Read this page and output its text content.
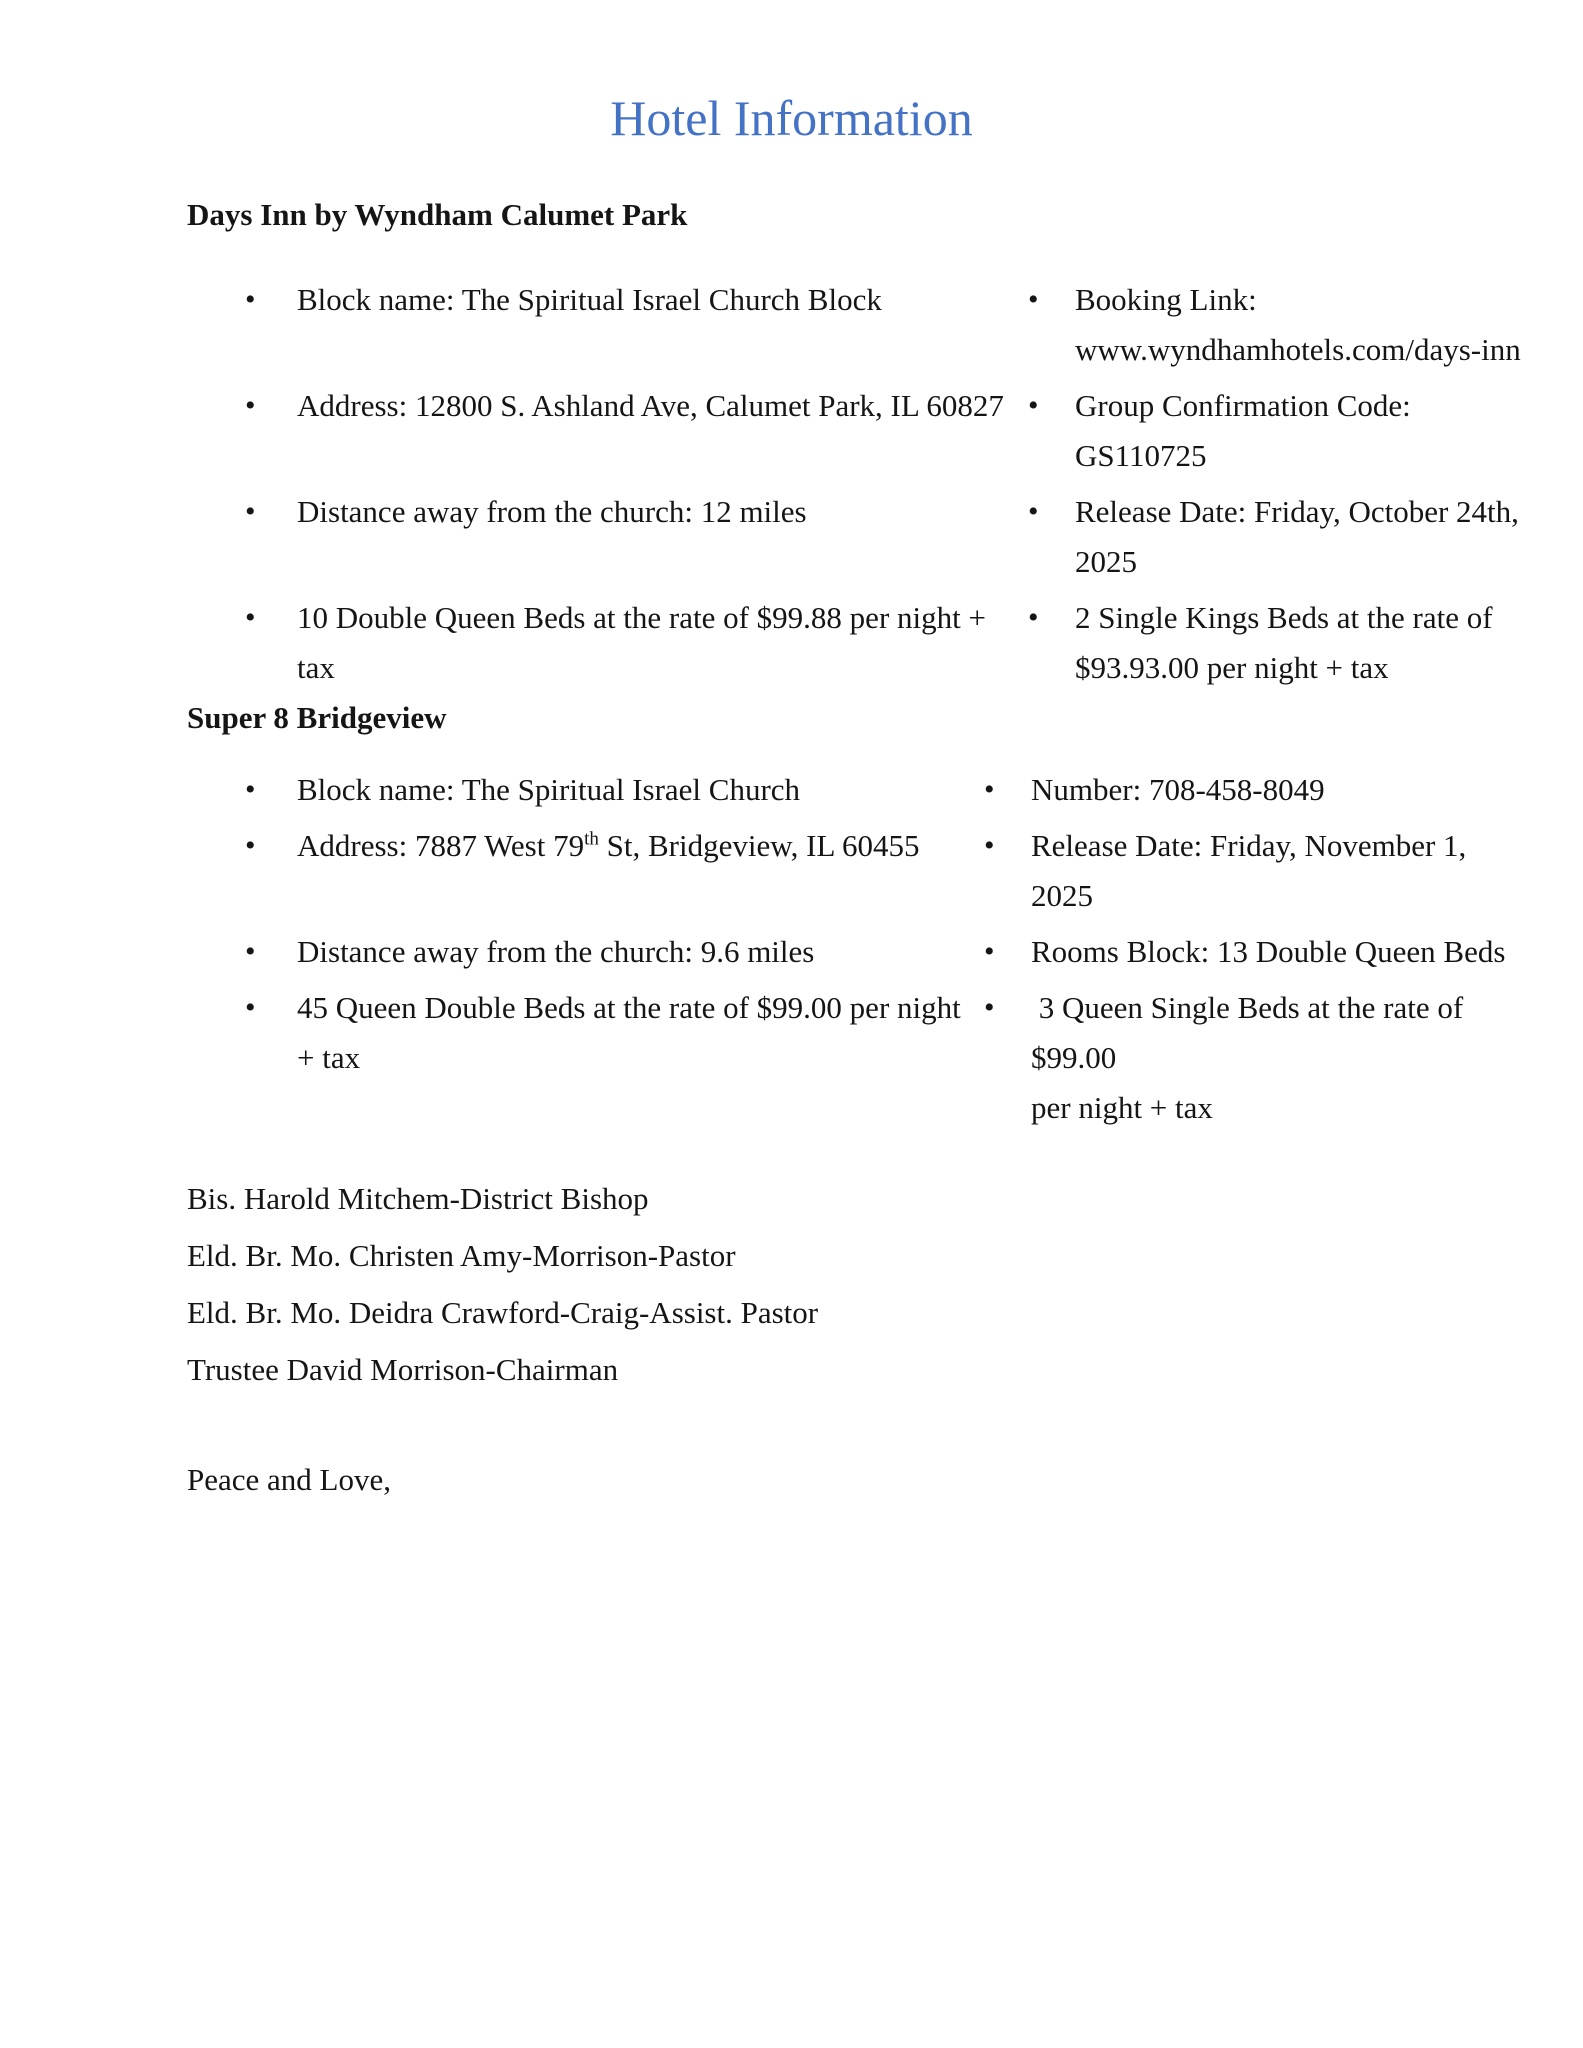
Hotel Information
Days Inn by Wyndham Calumet Park
• Block name: The Spiritual Israel Church Block	• Booking Link:
www.wyndhamhotels.com/days-inn
• Address: 12800 S. Ashland Ave, Calumet Park, IL 60827 • Group Confirmation Code: GS110725
• Distance away from the church: 12 miles	• Release Date: Friday, October 24th,
2025
• 10 Double Queen Beds at the rate of $99.88 per night +
tax
• 2 Single Kings Beds at the rate of
$93.93.00 per night + tax
Super 8 Bridgeview
• Block name: The Spiritual Israel Church	• Number: 708-458-8049
• Address: 7887 West 79th St, Bridgeview, IL 60455	• Release Date: Friday, November 1, 2025
• Distance away from the church: 9.6 miles	• Rooms Block: 13 Double Queen Beds
• 45 Queen Double Beds at the rate of $99.00 per night
+ tax
• 3 Queen Single Beds at the rate of $99.00
per night + tax
Bis. Harold Mitchem-District Bishop
Eld. Br. Mo. Christen Amy-Morrison-Pastor
Eld. Br. Mo. Deidra Crawford-Craig-Assist. Pastor
Trustee David Morrison-Chairman
Peace and Love,
